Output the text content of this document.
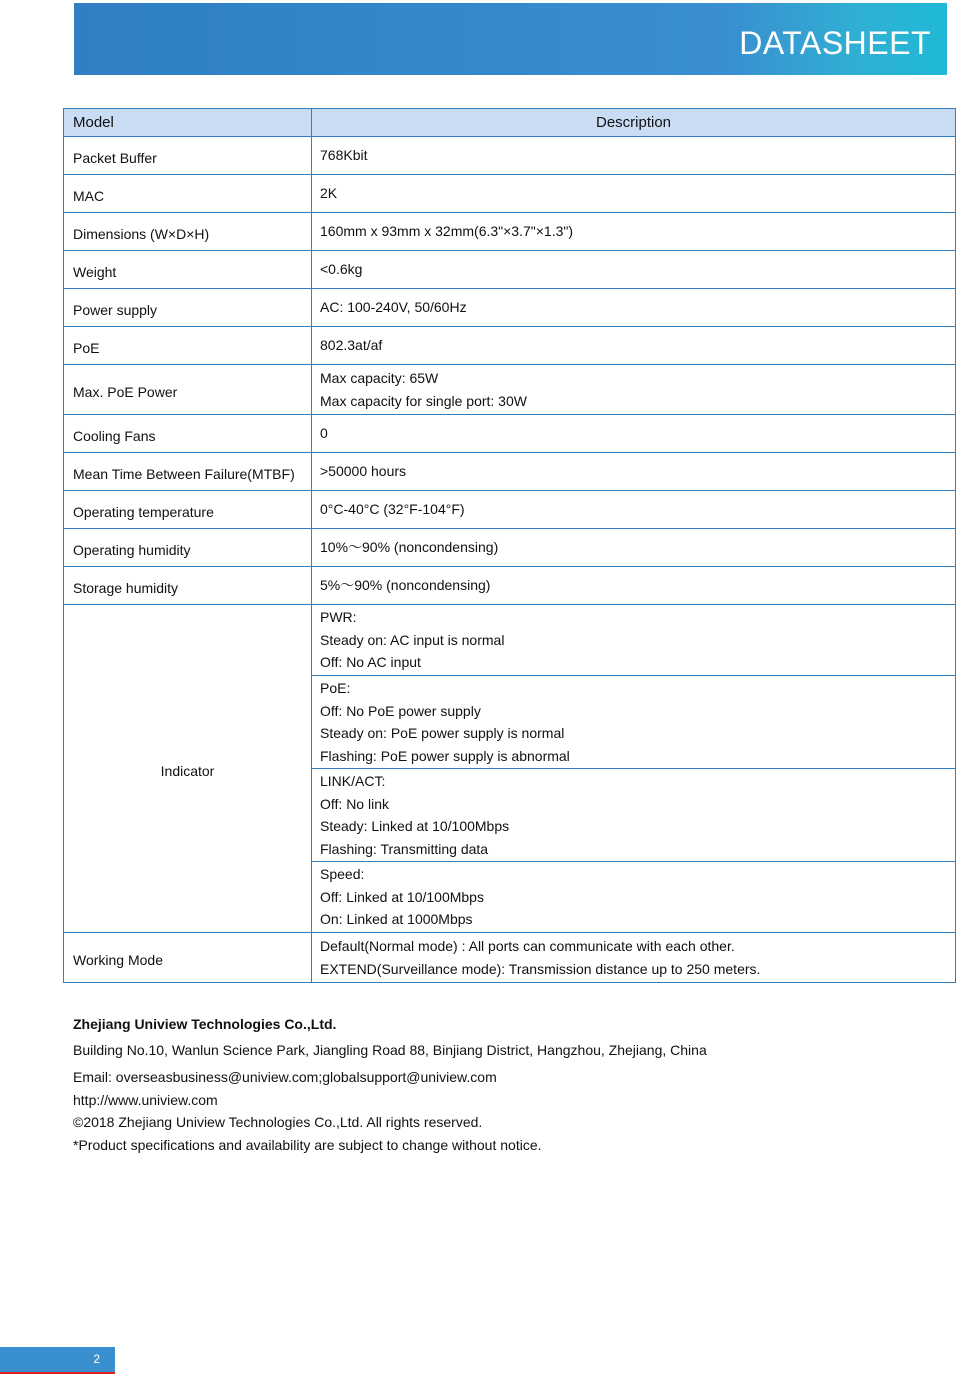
DATASHEET
Model	Description
Packet Buffer	768Kbit

MAC	2K

Dimensions (W×D×H)	160mm x 93mm x 32mm(6.3"×3.7"×1.3")

Weight	<0.6kg

Power supply	AC: 100-240V, 50/60Hz

PoE	802.3at/af

Max. PoE Power	Max capacity: 65W
Max capacity for single port: 30W

Cooling Fans	0

Mean Time Between Failure(MTBF)	>50000 hours

Operating temperature	0°C-40°C (32°F-104°F)

Operating humidity	10%～90% (noncondensing)

Storage humidity	5%～90% (noncondensing)

Indicator	PWR:
Steady on: AC input is normal
Off: No AC input

	PoE:
Off: No PoE power supply
Steady on: PoE power supply is normal
Flashing: PoE power supply is abnormal

	LINK/ACT:
Off: No link
Steady: Linked at 10/100Mbps
Flashing: Transmitting data

	Speed:
Off: Linked at 10/100Mbps
On: Linked at 1000Mbps

Working Mode	Default(Normal mode) : All ports can communicate with each other.
EXTEND(Surveillance mode): Transmission distance up to 250 meters.
Zhejiang Uniview Technologies Co.,Ltd.
Building No.10, Wanlun Science Park, Jiangling Road 88, Binjiang District, Hangzhou, Zhejiang, China
Email: overseasbusiness@uniview.com;globalsupport@uniview.com
http://www.uniview.com
©2018 Zhejiang Uniview Technologies Co.,Ltd. All rights reserved.
*Product specifications and availability are subject to change without notice.
2
